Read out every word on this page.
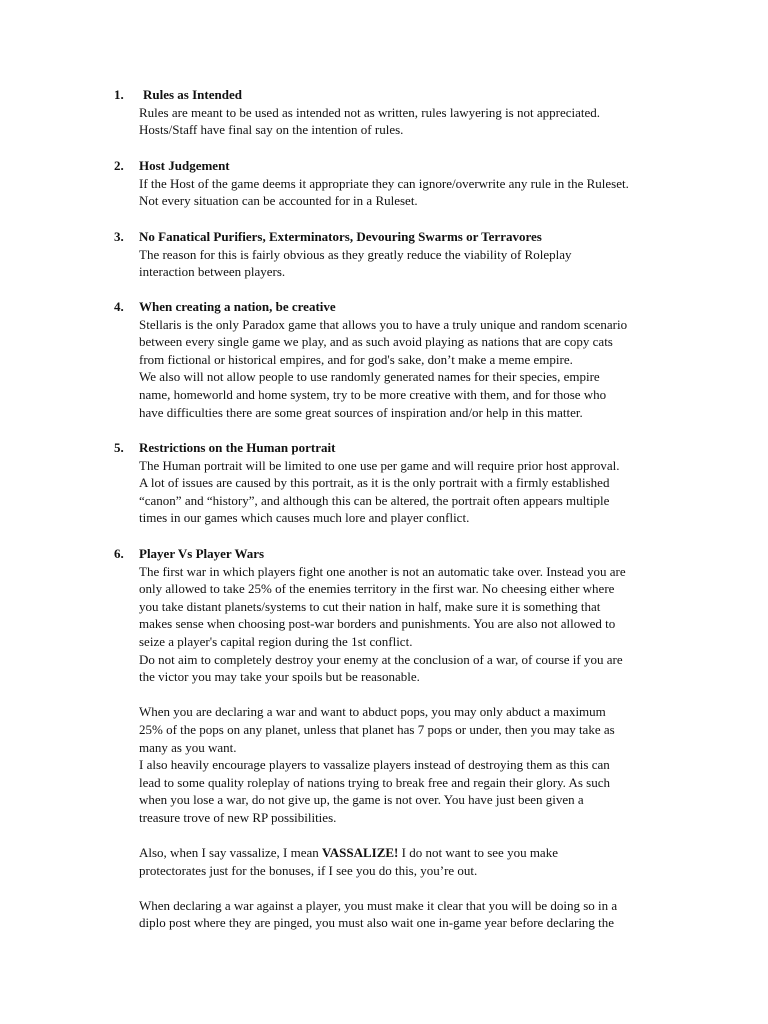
1. Rules as Intended
Rules are meant to be used as intended not as written, rules lawyering is not appreciated.
Hosts/Staff have final say on the intention of rules.
2. Host Judgement
If the Host of the game deems it appropriate they can ignore/overwrite any rule in the Ruleset.
Not every situation can be accounted for in a Ruleset.
3. No Fanatical Purifiers, Exterminators, Devouring Swarms or Terravores
The reason for this is fairly obvious as they greatly reduce the viability of Roleplay
interaction between players.
4. When creating a nation, be creative
Stellaris is the only Paradox game that allows you to have a truly unique and random scenario
between every single game we play, and as such avoid playing as nations that are copy cats
from fictional or historical empires, and for god's sake, don’t make a meme empire.
We also will not allow people to use randomly generated names for their species, empire
name, homeworld and home system, try to be more creative with them, and for those who
have difficulties there are some great sources of inspiration and/or help in this matter.
5. Restrictions on the Human portrait
The Human portrait will be limited to one use per game and will require prior host approval.
A lot of issues are caused by this portrait, as it is the only portrait with a firmly established
“canon” and “history”, and although this can be altered, the portrait often appears multiple
times in our games which causes much lore and player conflict.
6. Player Vs Player Wars
The first war in which players fight one another is not an automatic take over. Instead you are
only allowed to take 25% of the enemies territory in the first war. No cheesing either where
you take distant planets/systems to cut their nation in half, make sure it is something that
makes sense when choosing post-war borders and punishments. You are also not allowed to
seize a player's capital region during the 1st conflict.
Do not aim to completely destroy your enemy at the conclusion of a war, of course if you are
the victor you may take your spoils but be reasonable.
When you are declaring a war and want to abduct pops, you may only abduct a maximum
25% of the pops on any planet, unless that planet has 7 pops or under, then you may take as
many as you want.
I also heavily encourage players to vassalize players instead of destroying them as this can
lead to some quality roleplay of nations trying to break free and regain their glory. As such
when you lose a war, do not give up, the game is not over. You have just been given a
treasure trove of new RP possibilities.
Also, when I say vassalize, I mean VASSALIZE! I do not want to see you make
protectorates just for the bonuses, if I see you do this, you’re out.
When declaring a war against a player, you must make it clear that you will be doing so in a
diplo post where they are pinged, you must also wait one in-game year before declaring the
